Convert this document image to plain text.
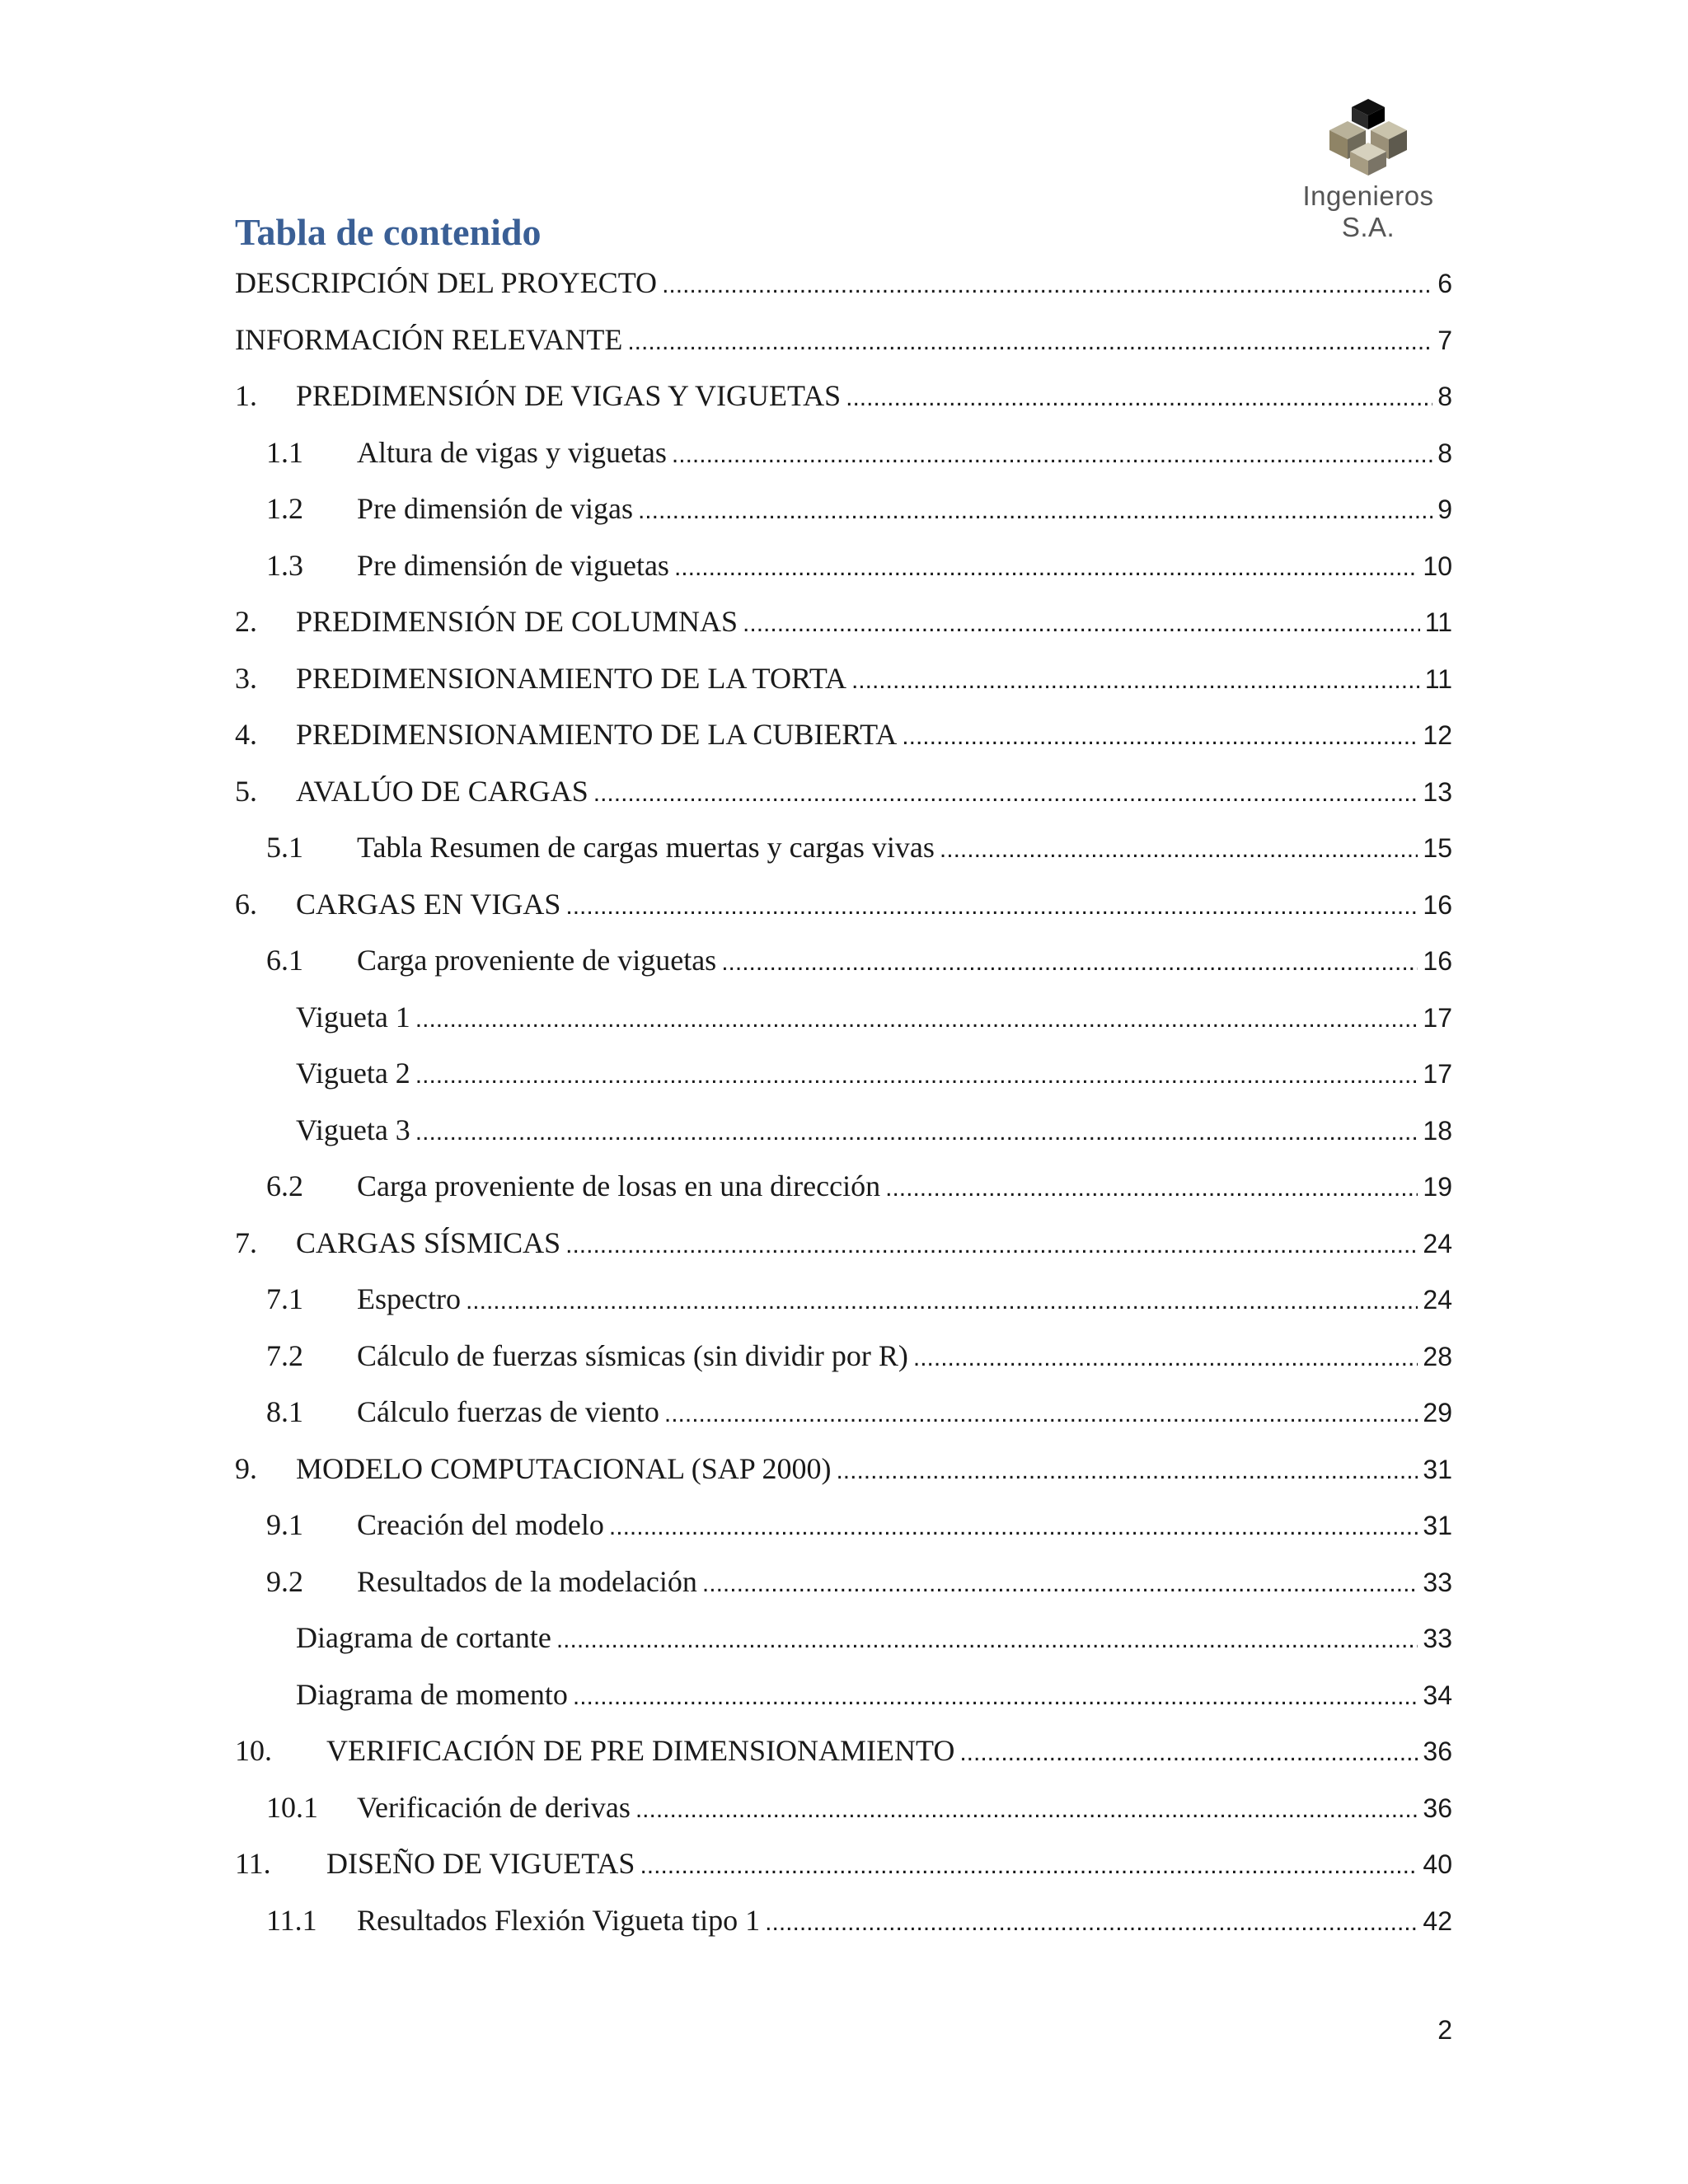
Ingenieros S.A.
Tabla de contenido
DESCRIPCIÓN DEL PROYECTO .....	6
INFORMACIÓN RELEVANTE .....	7
1.	PREDIMENSIÓN DE VIGAS Y VIGUETAS .....	8
1.1	Altura de vigas y viguetas .....	8
1.2	Pre dimensión de vigas .....	9
1.3	Pre dimensión de viguetas .....	10
2.	PREDIMENSIÓN DE COLUMNAS .....	11
3.	PREDIMENSIONAMIENTO DE LA TORTA .....	11
4.	PREDIMENSIONAMIENTO DE LA CUBIERTA .....	12
5.	AVALÚO DE CARGAS .....	13
5.1	Tabla Resumen de cargas muertas y cargas vivas .....	15
6.	CARGAS EN VIGAS .....	16
6.1	Carga proveniente de viguetas .....	16
Vigueta 1 .....	17
Vigueta 2 .....	17
Vigueta 3 .....	18
6.2	Carga proveniente de losas en una dirección .....	19
7.	CARGAS SÍSMICAS .....	24
7.1	Espectro .....	24
7.2	Cálculo de fuerzas sísmicas (sin dividir por R) .....	28
8.1	Cálculo fuerzas de viento .....	29
9.	MODELO COMPUTACIONAL (SAP 2000) .....	31
9.1	Creación del modelo .....	31
9.2	Resultados de la modelación .....	33
Diagrama de cortante .....	33
Diagrama de momento .....	34
10.	VERIFICACIÓN DE PRE DIMENSIONAMIENTO .....	36
10.1	Verificación de derivas .....	36
11.	DISEÑO DE VIGUETAS .....	40
11.1	Resultados Flexión Vigueta tipo 1 .....	42
2
